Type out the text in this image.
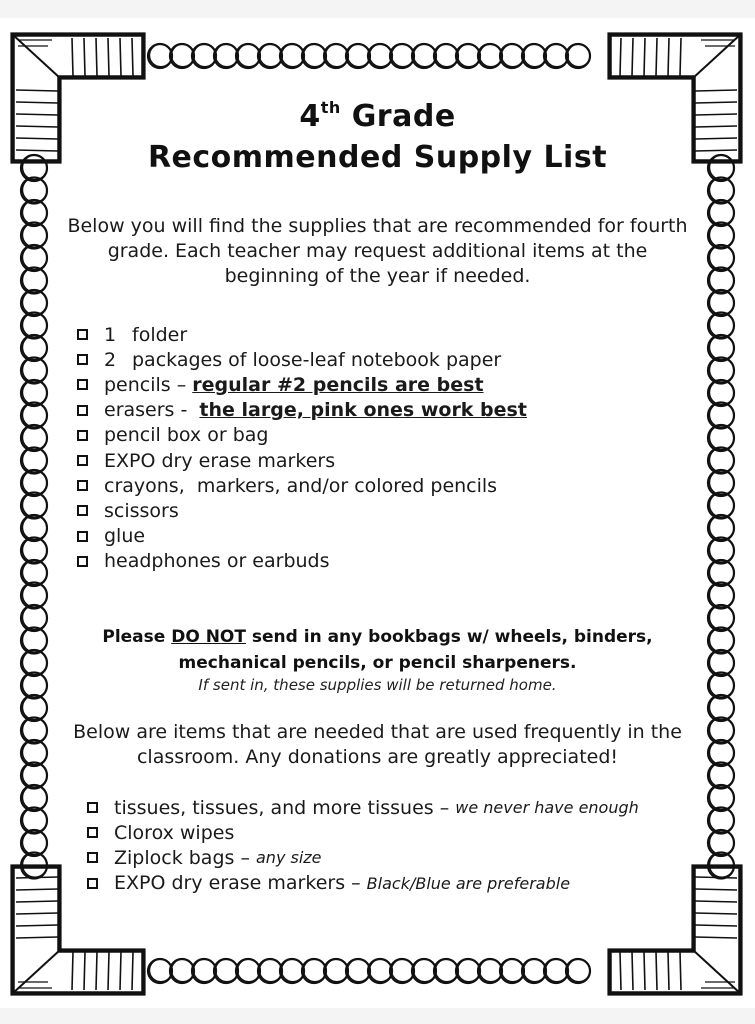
4th Grade
Recommended Supply List
Below you will find the supplies that are recommended for fourth grade. Each teacher may request additional items at the beginning of the year if needed.
1 folder
2 packages of loose-leaf notebook paper
pencils – regular #2 pencils are best
erasers - the large, pink ones work best
pencil box or bag
EXPO dry erase markers
crayons,  markers, and/or colored pencils
scissors
glue
headphones or earbuds
Please DO NOT send in any bookbags w/ wheels, binders,
mechanical pencils, or pencil sharpeners.
If sent in, these supplies will be returned home.
Below are items that are needed that are used frequently in the classroom. Any donations are greatly appreciated!
tissues, tissues, and more tissues – we never have enough
Clorox wipes
Ziplock bags – any size
EXPO dry erase markers – Black/Blue are preferable
